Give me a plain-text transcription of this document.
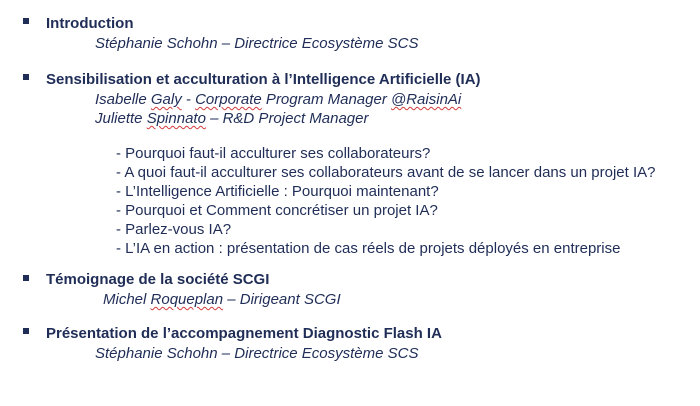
Introduction
Stéphanie Schohn – Directrice Ecosystème SCS
Sensibilisation et acculturation à l’Intelligence Artificielle (IA)
Isabelle Galy - Corporate Program Manager @RaisinAi
Juliette Spinnato – R&D Project Manager
- Pourquoi faut-il acculturer ses collaborateurs?
- A quoi faut-il acculturer ses collaborateurs avant de se lancer dans un projet IA?
- L’Intelligence Artificielle : Pourquoi maintenant?
- Pourquoi et Comment concrétiser un projet IA?
- Parlez-vous IA?
- L’IA en action : présentation de cas réels de projets déployés en entreprise
Témoignage de la société SCGI
Michel Roqueplan – Dirigeant SCGI
Présentation de l’accompagnement Diagnostic Flash IA
Stéphanie Schohn – Directrice Ecosystème SCS
